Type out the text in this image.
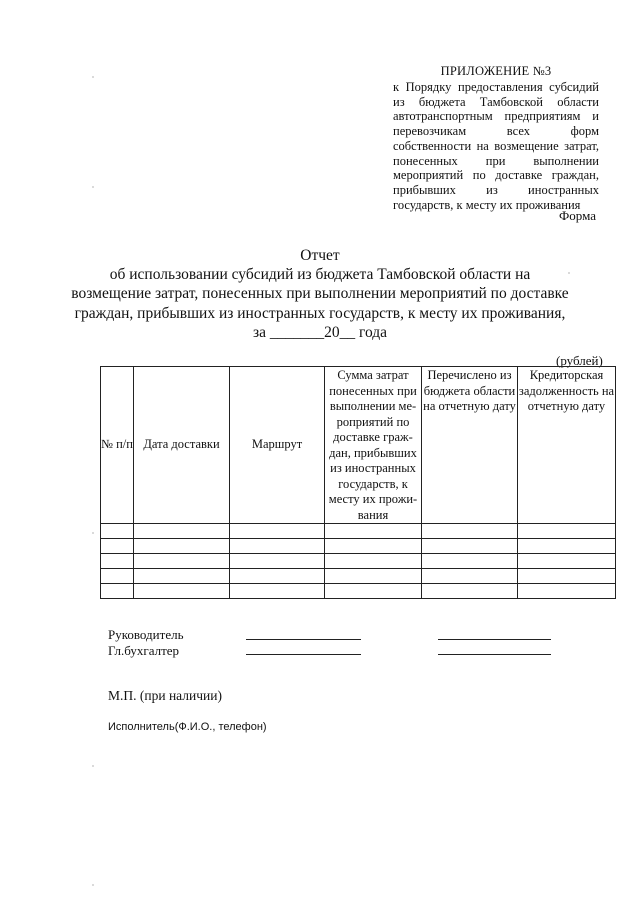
ПРИЛОЖЕНИЕ №3
к Порядку предоставления субсидий из бюджета Тамбовской области автотранспортным предприятиям и перевозчикам всех форм собственности на возмещение затрат, понесенных при выполнении мероприятий по доставке граждан, прибывших из иностранных государств, к месту их проживания
Форма
Отчет
об использовании субсидий из бюджета Тамбовской области на
возмещение затрат, понесенных при выполнении мероприятий по доставке
граждан, прибывших из иностранных государств, к месту их проживания,
за _______20__ года
(рублей)
№ п/п	Дата доставки	Маршрут	Сумма затрат понесенных при выполнении ме- роприятий по доставке граж- дан, прибывших из иностранных государств, к месту их прожи- вания	Перечислено из бюджета области на отчетную дату	Кредиторская задолженность на отчетную дату

Руководитель
Гл.бухгалтер
М.П. (при наличии)
Исполнитель(Ф.И.О., телефон)
